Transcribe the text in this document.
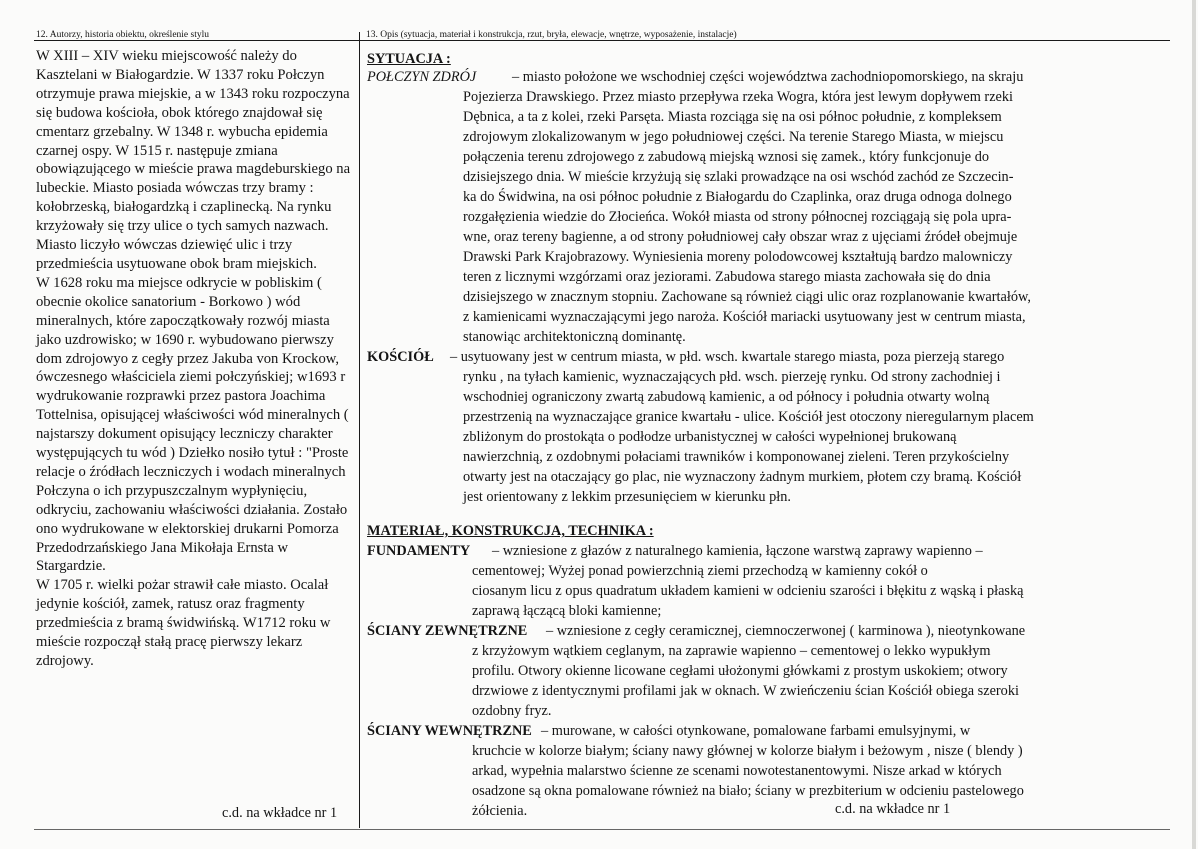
12. Autorzy, historia obiektu, określenie stylu	13. Opis (sytuacja, materiał i konstrukcja, rzut, bryła, elewacje, wnętrze, wyposażenie, instalacje)

W XIII – XIV wieku miejscowość należy do Kasztelani w Białogardzie. W 1337 roku Połczyn otrzymuje prawa miejskie, a w 1343 roku rozpoczyna się budowa kościoła, obok którego znajdował się cmentarz grzebalny. W 1348 r. wybucha epidemia czarnej ospy. W 1515 r. następuje zmiana obowiązującego w mieście prawa magdeburskiego na lubeckie. Miasto posiada wówczas trzy bramy : kołobrzeską, białogardzką i czaplinecką. Na rynku krzyżowały się trzy ulice o tych samych nazwach. Miasto liczyło wówczas dziewięć ulic i trzy przedmieścia usytuowane obok bram miejskich.

W 1628 roku ma miejsce odkrycie w pobliskim ( obecnie okolice sanatorium - Borkowo ) wód mineralnych, które zapoczątkowały rozwój miasta jako uzdrowisko; w 1690 r. wybudowano pierwszy dom zdrojowyo z cegły przez Jakuba von Krockow, ówczesnego właściciela ziemi połczyńskiej; w1693 r wydrukowanie rozprawki przez pastora Joachima Tottelnisa, opisującej właściwości wód mineralnych ( najstarszy dokument opisujący leczniczy charakter występujących tu wód ) Dziełko nosiło tytuł : "Proste relacje o źródłach leczniczych i wodach mineralnych Połczyna o ich przypuszczalnym wypłynięciu, odkryciu, zachowaniu właściwości działania. Zostało ono wydrukowane w elektorskiej drukarni Pomorza Przedodrzańskiego Jana Mikołaja Ernsta w Stargardzie.

W 1705 r. wielki pożar strawił całe miasto. Ocalał jedynie kościół, zamek, ratusz oraz fragmenty przedmieścia z bramą świdwińską. W1712 roku w mieście rozpoczął stałą pracę pierwszy lekarz zdrojowy.

c.d. na wkładce nr 1
SYTUACJA :
POŁCZYN ZDRÓJ	– miasto położone we wschodniej części województwa zachodniopomorskiego, na skraju
Pojezierza Drawskiego. Przez miasto przepływa rzeka Wogra, która jest lewym dopływem rzeki
Dębnica, a ta z kolei, rzeki Parsęta. Miasta rozciąga się na osi północ południe, z kompleksem
zdrojowym zlokalizowanym w jego południowej części. Na terenie Starego Miasta, w miejscu
połączenia terenu zdrojowego z zabudową miejską wznosi się zamek., który funkcjonuje do
dzisiejszego dnia. W mieście krzyżują się szlaki prowadzące na osi wschód zachód ze Szczecin-
ka do Świdwina, na osi północ południe z Białogardu do Czaplinka, oraz druga odnoga dolnego
rozgałęzienia wiedzie do Złocieńca. Wokół miasta od strony północnej rozciągają się pola upra-
wne, oraz tereny bagienne, a od strony południowej cały obszar wraz z ujęciami źródeł obejmuje
Drawski Park Krajobrazowy. Wyniesienia moreny polodowcowej kształtują bardzo malowniczy
teren z licznymi wzgórzami oraz jeziorami. Zabudowa starego miasta zachowała się do dnia
dzisiejszego w znacznym stopniu. Zachowane są również ciągi ulic oraz rozplanowanie kwartałów,
z kamienicami wyznaczającymi jego naroża. Kościół mariacki usytuowany jest w centrum miasta,
stanowiąc architektoniczną dominantę.
KOŚCIÓŁ – usytuowany jest w centrum miasta, w płd. wsch. kwartale starego miasta, poza pierzeją starego
rynku , na tyłach kamienic, wyznaczających płd. wsch. pierzeję rynku. Od strony zachodniej i
wschodniej ograniczony zwartą zabudową kamienic, a od północy i południa otwarty wolną
przestrzenią na wyznaczające granice kwartału - ulice. Kościół jest otoczony nieregularnym placem
zbliżonym do prostokąta o podłodze urbanistycznej w całości wypełnionej brukowaną
nawierzchnią, z ozdobnymi połaciami trawników i komponowanej zieleni. Teren przykościelny
otwarty jest na otaczający go plac, nie wyznaczony żadnym murkiem, płotem czy bramą. Kościół
jest orientowany z lekkim przesunięciem w kierunku płn.
MATERIAŁ, KONSTRUKCJA, TECHNIKA :
FUNDAMENTY – wzniesione z głazów z naturalnego kamienia, łączone warstwą zaprawy wapienno –
cementowej; Wyżej ponad powierzchnią ziemi przechodzą w kamienny cokół o
ciosanym licu z opus quadratum układem kamieni w odcieniu szarości i błękitu z wąską i płaską
zaprawą łączącą bloki kamienne;
ŚCIANY ZEWNĘTRZNE – wzniesione z cegły ceramicznej, ciemnoczerwonej ( karminowa ), nieotynkowane
z krzyżowym wątkiem ceglanym, na zaprawie wapienno – cementowej o lekko wypukłym
profilu. Otwory okienne licowane cegłami ułożonymi główkami z prostym uskokiem; otwory
drzwiowe z identycznymi profilami jak w oknach. W zwieńczeniu ścian Kościół obiega szeroki
ozdobny fryz.
ŚCIANY WEWNĘTRZNE – murowane, w całości otynkowane, pomalowane farbami emulsyjnymi, w
kruchcie w kolorze białym; ściany nawy głównej w kolorze białym i beżowym , nisze ( blendy )
arkad, wypełnia malarstwo ścienne ze scenami nowotestanentowymi. Nisze arkad w których
osadzone są okna pomalowane również na biało; ściany w prezbiterium w odcieniu pastelowego
żółcienia.	c.d. na wkładce nr 1
